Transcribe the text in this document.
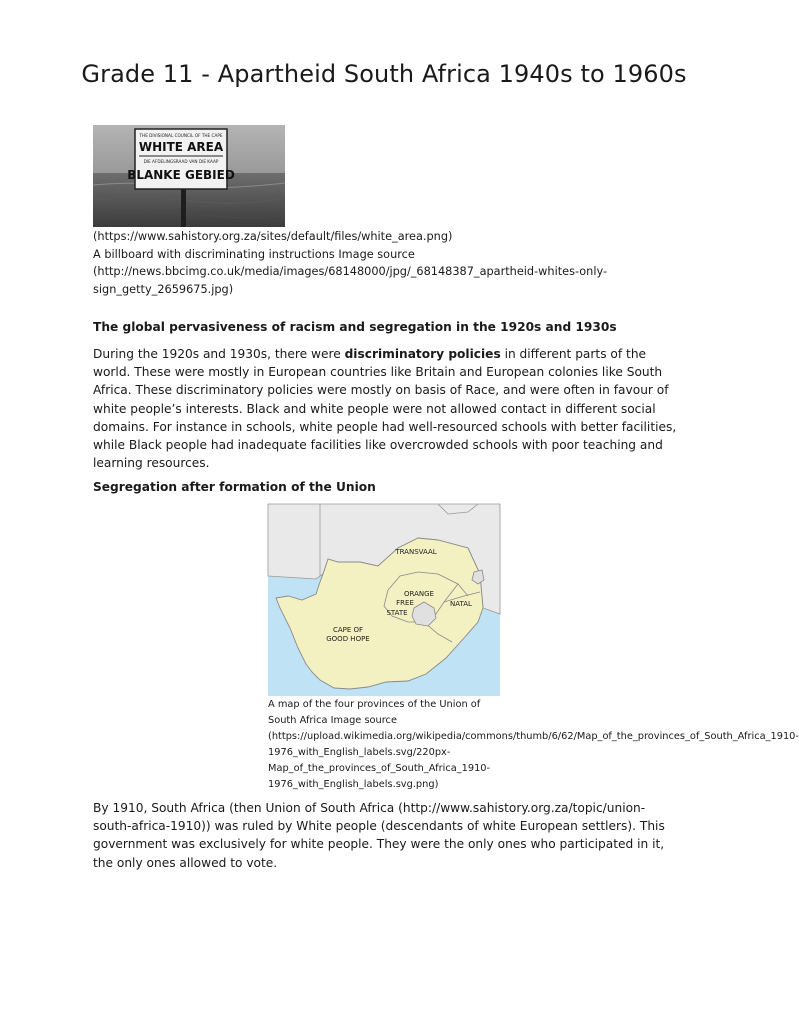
Grade 11 - Apartheid South Africa 1940s to 1960s
THE DIVISIONAL COUNCIL OF THE CAPE
WHITE AREA
DIE AFDELINGSRAAD VAN DIE KAAP
BLANKE GEBIED

(https://www.sahistory.org.za/sites/default/files/white_area.png)
A billboard with discriminating instructions Image source
(http://news.bbcimg.co.uk/media/images/68148000/jpg/_68148387_apartheid-whites-only-
sign_getty_2659675.jpg)

The global pervasiveness of racism and segregation in the 1920s and 1930s

During the 1920s and 1930s, there were discriminatory policies in different parts of the world. These were mostly in European countries like Britain and European colonies like South Africa. These discriminatory policies were mostly on basis of Race, and were often in favour of white people’s interests. Black and white people were not allowed contact in different social domains. For instance in schools, white people had well-resourced schools with better facilities, while Black people had inadequate facilities like overcrowded schools with poor teaching and learning resources.

Segregation after formation of the Union
TRANSVAAL
ORANGE
FREE
STATE
NATAL
CAPE OF
GOOD HOPE
A map of the four provinces of the Union of
South Africa Image source
(https://upload.wikimedia.org/wikipedia/commons/thumb/6/62/Map_of_the_provinces_of_South_Africa_1910-
1976_with_English_labels.svg/220px-
Map_of_the_provinces_of_South_Africa_1910-
1976_with_English_labels.svg.png)

By 1910, South Africa (then Union of South Africa (http://www.sahistory.org.za/topic/union-south-africa-1910)) was ruled by White people (descendants of white European settlers). This government was exclusively for white people. They were the only ones who participated in it, the only ones allowed to vote.
